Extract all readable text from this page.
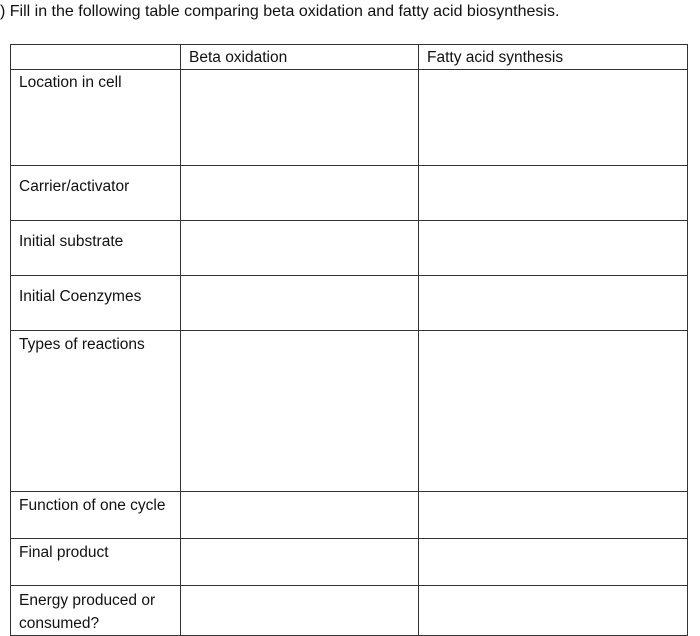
) Fill in the following table comparing beta oxidation and fatty acid biosynthesis.
	Beta oxidation	Fatty acid synthesis
Location in cell		
Carrier/activator		
Initial substrate		
Initial Coenzymes		
Types of reactions		
Function of one cycle		
Final product		
Energy produced or consumed?		
